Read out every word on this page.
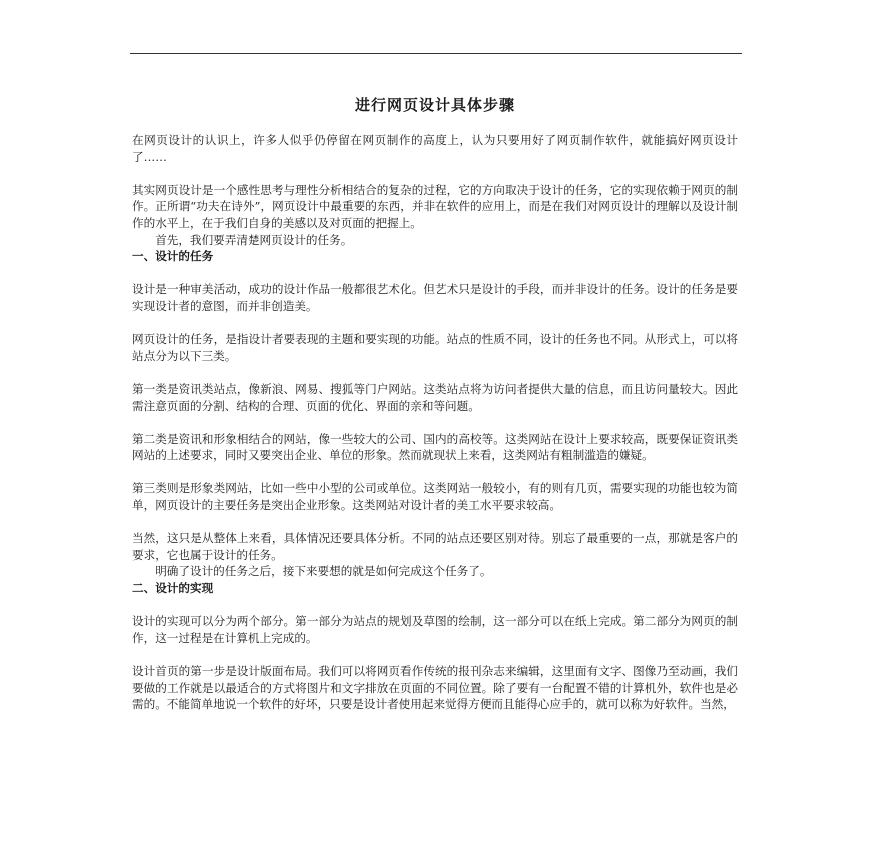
进行网页设计具体步骤

在网页设计的认识上，许多人似乎仍停留在网页制作的高度上，认为只要用好了网页制作软件，就能搞好网页设计了……

其实网页设计是一个感性思考与理性分析相结合的复杂的过程，它的方向取决于设计的任务，它的实现依赖于网页的制作。正所谓“功夫在诗外”，网页设计中最重要的东西，并非在软件的应用上，而是在我们对网页设计的理解以及设计制作的水平上，在于我们自身的美感以及对页面的把握上。

首先，我们要弄清楚网页设计的任务。

一、设计的任务

设计是一种审美活动，成功的设计作品一般都很艺术化。但艺术只是设计的手段，而并非设计的任务。设计的任务是要实现设计者的意图，而并非创造美。

网页设计的任务，是指设计者要表现的主题和要实现的功能。站点的性质不同，设计的任务也不同。从形式上，可以将站点分为以下三类。

第一类是资讯类站点，像新浪、网易、搜狐等门户网站。这类站点将为访问者提供大量的信息，而且访问量较大。因此需注意页面的分割、结构的合理、页面的优化、界面的亲和等问题。

第二类是资讯和形象相结合的网站，像一些较大的公司、国内的高校等。这类网站在设计上要求较高，既要保证资讯类网站的上述要求，同时又要突出企业、单位的形象。然而就现状上来看，这类网站有粗制滥造的嫌疑。

第三类则是形象类网站，比如一些中小型的公司或单位。这类网站一般较小，有的则有几页，需要实现的功能也较为简单，网页设计的主要任务是突出企业形象。这类网站对设计者的美工水平要求较高。

当然，这只是从整体上来看，具体情况还要具体分析。不同的站点还要区别对待。别忘了最重要的一点，那就是客户的要求，它也属于设计的任务。

明确了设计的任务之后，接下来要想的就是如何完成这个任务了。

二、设计的实现

设计的实现可以分为两个部分。第一部分为站点的规划及草图的绘制，这一部分可以在纸上完成。第二部分为网页的制作，这一过程是在计算机上完成的。

设计首页的第一步是设计版面布局。我们可以将网页看作传统的报刊杂志来编辑，这里面有文字、图像乃至动画，我们要做的工作就是以最适合的方式将图片和文字排放在页面的不同位置。除了要有一台配置不错的计算机外，软件也是必需的。不能简单地说一个软件的好坏，只要是设计者使用起来觉得方便而且能得心应手的，就可以称为好软件。当然，
